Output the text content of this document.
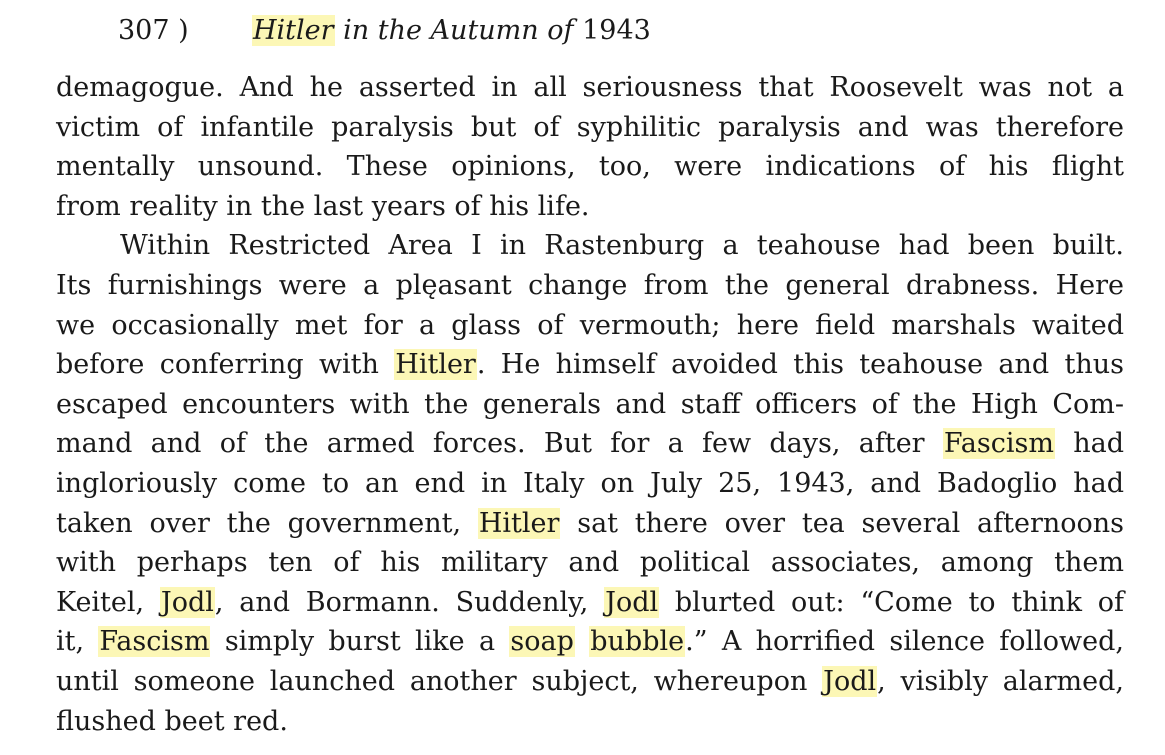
307 )	Hitler in the Autumn of 1943
demagogue. And he asserted in all seriousness that Roosevelt was not a
victim of infantile paralysis but of syphilitic paralysis and was therefore
mentally unsound. These opinions, too, were indications of his flight
from reality in the last years of his life.
Within Restricted Area I in Rastenburg a teahouse had been built.
Its furnishings were a plęasant change from the general drabness. Here
we occasionally met for a glass of vermouth; here field marshals waited
before conferring with Hitler. He himself avoided this teahouse and thus
escaped encounters with the generals and staff officers of the High Com-
mand and of the armed forces. But for a few days, after Fascism had
ingloriously come to an end in Italy on July 25, 1943, and Badoglio had
taken over the government, Hitler sat there over tea several afternoons
with perhaps ten of his military and political associates, among them
Keitel, Jodl, and Bormann. Suddenly, Jodl blurted out: “Come to think of
it, Fascism simply burst like a soap bubble.” A horrified silence followed,
until someone launched another subject, whereupon Jodl, visibly alarmed,
flushed beet red.
